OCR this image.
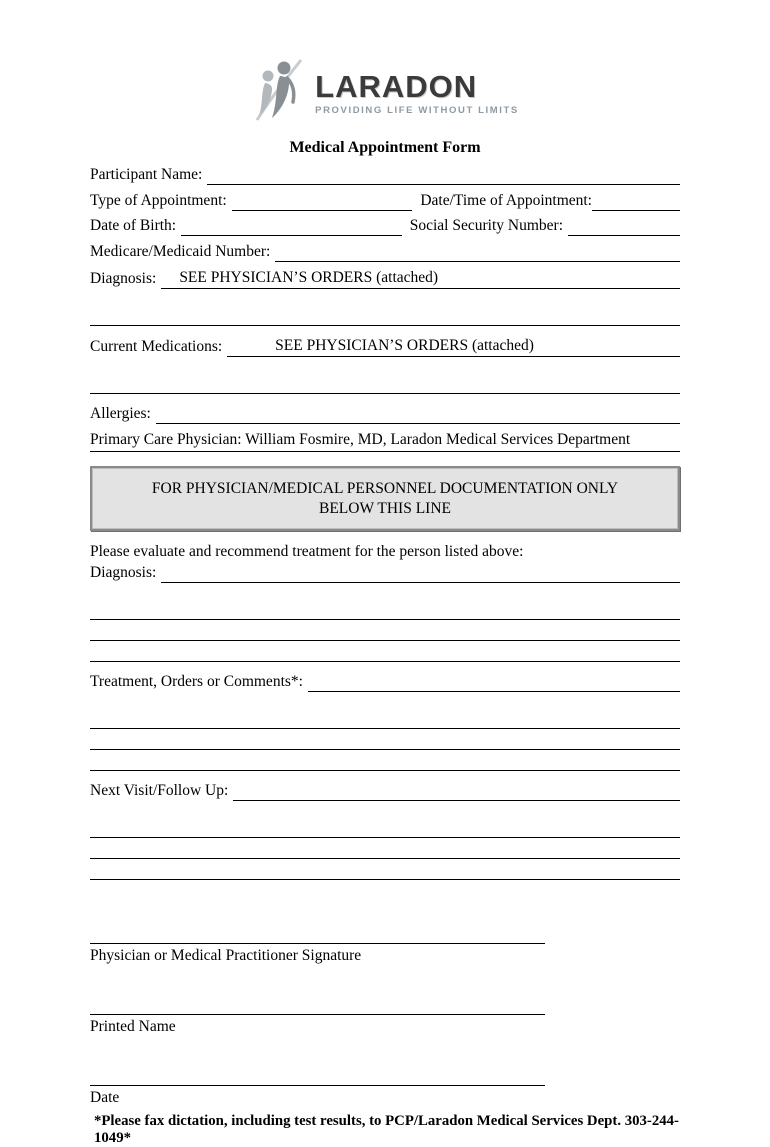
LARADON
PROVIDING LIFE WITHOUT LIMITS
Medical Appointment Form
Participant Name:
Type of Appointment:	Date/Time of Appointment:
Date of Birth:	Social Security Number:
Medicare/Medicaid Number:
Diagnosis:	SEE PHYSICIAN’S ORDERS (attached)
Current Medications:	SEE PHYSICIAN’S ORDERS (attached)
Allergies:
Primary Care Physician: William Fosmire, MD, Laradon Medical Services Department
FOR PHYSICIAN/MEDICAL PERSONNEL DOCUMENTATION ONLY BELOW THIS LINE
Please evaluate and recommend treatment for the person listed above:
Diagnosis:
Treatment, Orders or Comments*:
Next Visit/Follow Up:
Physician or Medical Practitioner Signature
Printed Name
Date
*Please fax dictation, including test results, to PCP/Laradon Medical Services Dept. 303-244-1049*
